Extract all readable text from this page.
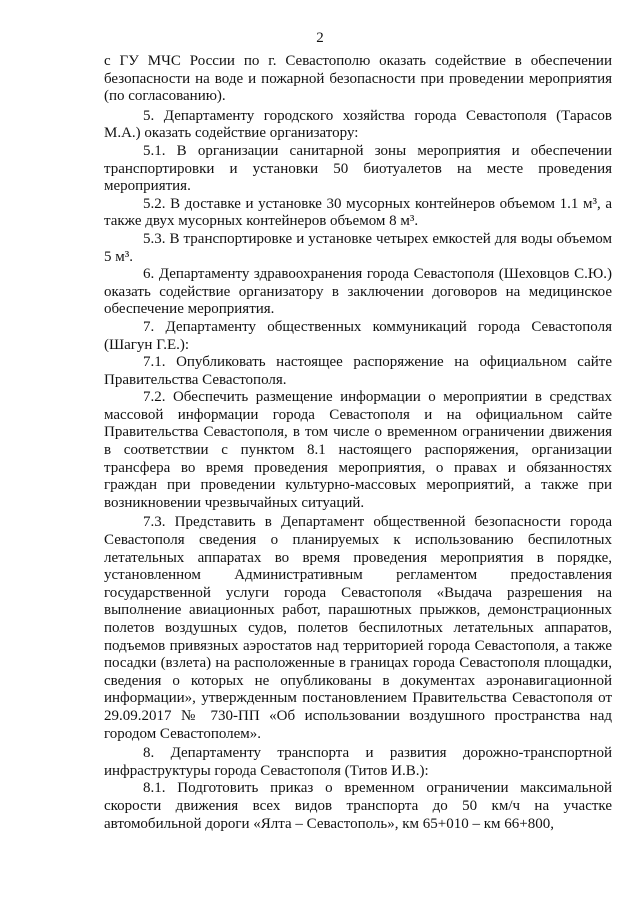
2

с ГУ МЧС России по г. Севастополю оказать содействие в обеспечении безопасности на воде и пожарной безопасности при проведении мероприятия (по согласованию).

5. Департаменту городского хозяйства города Севастополя (Тарасов М.А.) оказать содействие организатору:

5.1. В организации санитарной зоны мероприятия и обеспечении транспортировки и установки 50 биотуалетов на месте проведения мероприятия.

5.2. В доставке и установке 30 мусорных контейнеров объемом 1.1 м³, а также двух мусорных контейнеров объемом 8 м³.

5.3. В транспортировке и установке четырех емкостей для воды объемом 5 м³.

6. Департаменту здравоохранения города Севастополя (Шеховцов С.Ю.) оказать содействие организатору в заключении договоров на медицинское обеспечение мероприятия.

7. Департаменту общественных коммуникаций города Севастополя (Шагун Г.Е.):

7.1. Опубликовать настоящее распоряжение на официальном сайте Правительства Севастополя.

7.2. Обеспечить размещение информации о мероприятии в средствах массовой информации города Севастополя и на официальном сайте Правительства Севастополя, в том числе о временном ограничении движения в соответствии с пунктом 8.1 настоящего распоряжения, организации трансфера во время проведения мероприятия, о правах и обязанностях граждан при проведении культурно-массовых мероприятий, а также при возникновении чрезвычайных ситуаций.

7.3. Представить в Департамент общественной безопасности города Севастополя сведения о планируемых к использованию беспилотных летательных аппаратах во время проведения мероприятия в порядке, установленном Административным регламентом предоставления государственной услуги города Севастополя «Выдача разрешения на выполнение авиационных работ, парашютных прыжков, демонстрационных полетов воздушных судов, полетов беспилотных летательных аппаратов, подъемов привязных аэростатов над территорией города Севастополя, а также посадки (взлета) на расположенные в границах города Севастополя площадки, сведения о которых не опубликованы в документах аэронавигационной информации», утвержденным постановлением Правительства Севастополя от 29.09.2017 № 730-ПП «Об использовании воздушного пространства над городом Севастополем».

8. Департаменту транспорта и развития дорожно-транспортной инфраструктуры города Севастополя (Титов И.В.):

8.1. Подготовить приказ о временном ограничении максимальной скорости движения всех видов транспорта до 50 км/ч на участке автомобильной дороги «Ялта – Севастополь», км 65+010 – км 66+800,
